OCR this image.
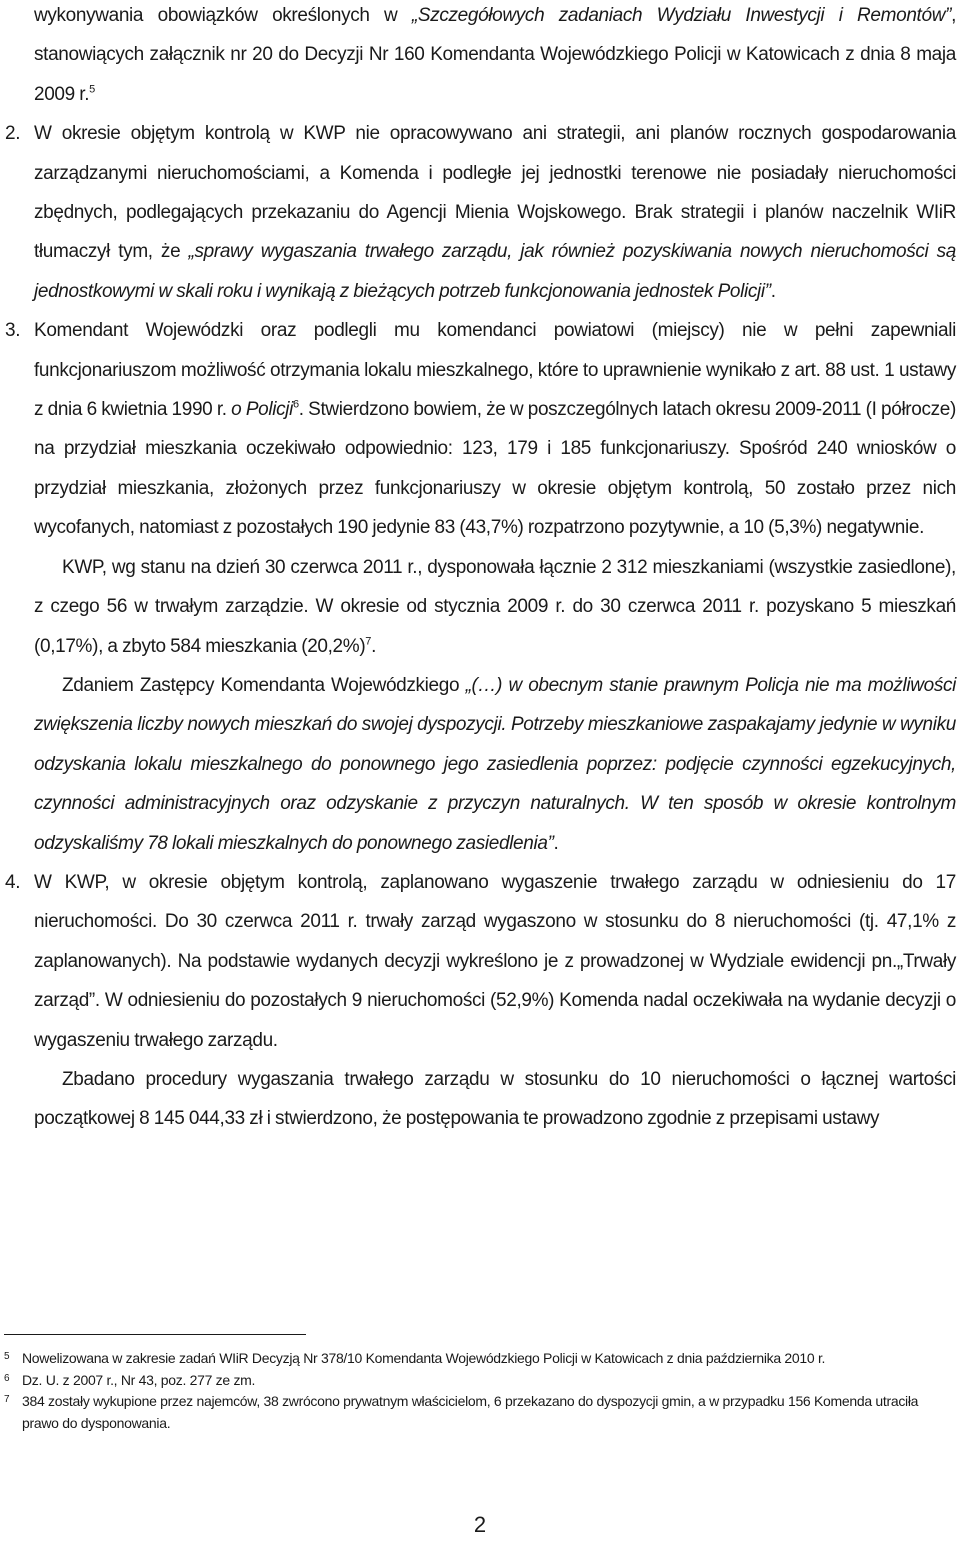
wykonywania obowiązków określonych w „Szczegółowych zadaniach Wydziału Inwestycji i Remontów”, stanowiących załącznik nr 20 do Decyzji Nr 160 Komendanta Wojewódzkiego Policji w Katowicach z dnia 8 maja 2009 r.$^5$

2. W okresie objętym kontrolą w KWP nie opracowywano ani strategii, ani planów rocznych gospodarowania zarządzanymi nieruchomościami, a Komenda i podległe jej jednostki terenowe nie posiadały nieruchomości zbędnych, podlegających przekazaniu do Agencji Mienia Wojskowego. Brak strategii i planów naczelnik WIiR tłumaczył tym, że „sprawy wygaszania trwałego zarządu, jak również pozyskiwania nowych nieruchomości są jednostkowymi w skali roku i wynikają z bieżących potrzeb funkcjonowania jednostek Policji”.

3. Komendant Wojewódzki oraz podlegli mu komendanci powiatowi (miejscy) nie w pełni zapewniali funkcjonariuszom możliwość otrzymania lokalu mieszkalnego, które to uprawnienie wynikało z art. 88 ust. 1 ustawy z dnia 6 kwietnia 1990 r. o Policji$^6$. Stwierdzono bowiem, że w poszczególnych latach okresu 2009-2011 (I półrocze) na przydział mieszkania oczekiwało odpowiednio: 123, 179 i 185 funkcjonariuszy. Spośród 240 wniosków o przydział mieszkania, złożonych przez funkcjonariuszy w okresie objętym kontrolą, 50 zostało przez nich wycofanych, natomiast z pozostałych 190 jedynie 83 (43,7%) rozpatrzono pozytywnie, a 10 (5,3%) negatywnie.

KWP, wg stanu na dzień 30 czerwca 2011 r., dysponowała łącznie 2 312 mieszkaniami (wszystkie zasiedlone), z czego 56 w trwałym zarządzie. W okresie od stycznia 2009 r. do 30 czerwca 2011 r. pozyskano 5 mieszkań (0,17%), a zbyto 584 mieszkania $(20,2\%)^7$.

Zdaniem Zastępcy Komendanta Wojewódzkiego „(…) w obecnym stanie prawnym Policja nie ma możliwości zwiększenia liczby nowych mieszkań do swojej dyspozycji. Potrzeby mieszkaniowe zaspakajamy jedynie w wyniku odzyskania lokalu mieszkalnego do ponownego jego zasiedlenia poprzez: podjęcie czynności egzekucyjnych, czynności administracyjnych oraz odzyskanie z przyczyn naturalnych. W ten sposób w okresie kontrolnym odzyskaliśmy 78 lokali mieszkalnych do ponownego zasiedlenia”.

4. W KWP, w okresie objętym kontrolą, zaplanowano wygaszenie trwałego zarządu w odniesieniu do 17 nieruchomości. Do 30 czerwca 2011 r. trwały zarząd wygaszono w stosunku do 8 nieruchomości (tj. 47,1% z zaplanowanych). Na podstawie wydanych decyzji wykreślono je z prowadzonej w Wydziale ewidencji pn.„Trwały zarząd”. W odniesieniu do pozostałych 9 nieruchomości (52,9%) Komenda nadal oczekiwała na wydanie decyzji o wygaszeniu trwałego zarządu.

Zbadano procedury wygaszania trwałego zarządu w stosunku do 10 nieruchomości o łącznej wartości początkowej 8 145 044,33 zł i stwierdzono, że postępowania te prowadzono zgodnie z przepisami ustawy

5 Nowelizowana w zakresie zadań WIiR Decyzją Nr 378/10 Komendanta Wojewódzkiego Policji w Katowicach z dnia października 2010 r.

6 Dz. U. z 2007 r., Nr 43, poz. 277 ze zm.

7 384 zostały wykupione przez najemców, 38 zwrócono prywatnym właścicielom, 6 przekazano do dyspozycji gmin, a w przypadku 156 Komenda utraciła prawo do dysponowania.

2
